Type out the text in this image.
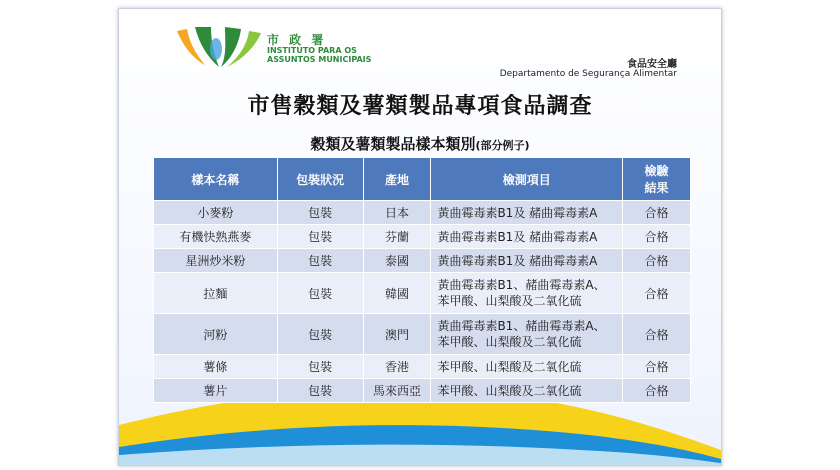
市 政 署
INSTITUTO PARA OS
ASSUNTOS MUNICIPAIS	食品安全廳
Departamento de Segurança Alimentar
市售穀類及薯類製品專項食品調查
穀類及薯類製品樣本類別(部分例子)
樣本名稱	包裝狀況	產地	檢測項目	檢驗
結果

小麥粉	包裝	日本	黃曲霉毒素B1及 赭曲霉毒素A	合格
有機快熟燕麥	包裝	芬蘭	黃曲霉毒素B1及 赭曲霉毒素A	合格
星洲炒米粉	包裝	泰國	黃曲霉毒素B1及 赭曲霉毒素A	合格
拉麵	包裝	韓國	黃曲霉毒素B1、赭曲霉毒素A、
苯甲酸、山梨酸及二氧化硫	合格
河粉	包裝	澳門	黃曲霉毒素B1、赭曲霉毒素A、
苯甲酸、山梨酸及二氧化硫	合格
薯條	包裝	香港	苯甲酸、山梨酸及二氧化硫	合格
薯片	包裝	馬來西亞	苯甲酸、山梨酸及二氧化硫	合格
